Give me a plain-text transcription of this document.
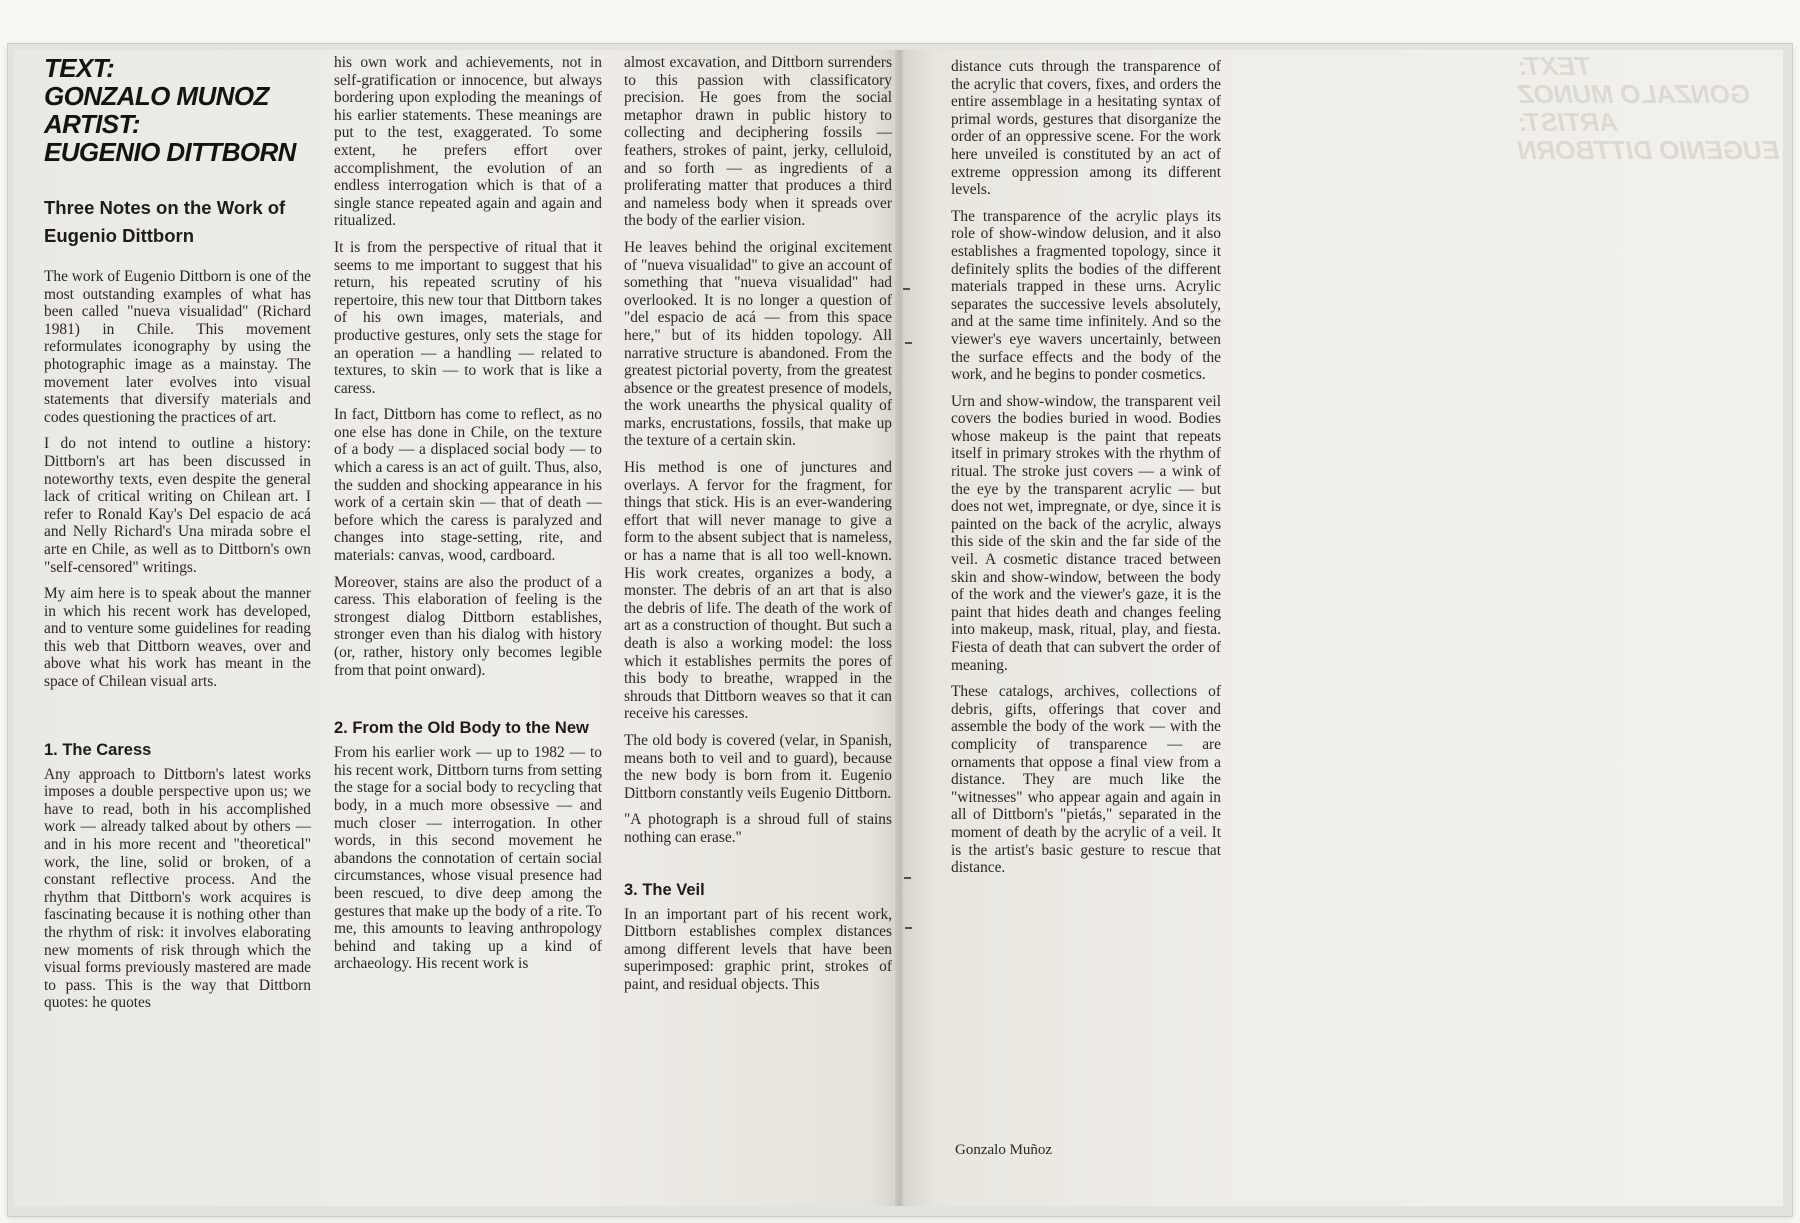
TEXT:
GONZALO MUNOZ
ARTIST:
EUGENIO DITTBORN
Three Notes on the Work of Eugenio Dittborn

The work of Eugenio Dittborn is one of the most outstanding examples of what has been called "nueva visualidad" (Richard 1981) in Chile. This movement reformulates iconography by using the photographic image as a mainstay. The movement later evolves into visual statements that diversify materials and codes questioning the practices of art.

I do not intend to outline a history: Dittborn's art has been discussed in noteworthy texts, even despite the general lack of critical writing on Chilean art. I refer to Ronald Kay's Del espacio de acá and Nelly Richard's Una mirada sobre el arte en Chile, as well as to Dittborn's own "self-censored" writings.

My aim here is to speak about the manner in which his recent work has developed, and to venture some guidelines for reading this web that Dittborn weaves, over and above what his work has meant in the space of Chilean visual arts.

1. The Caress

Any approach to Dittborn's latest works imposes a double perspective upon us; we have to read, both in his accomplished work — already talked about by others — and in his more recent and "theoretical" work, the line, solid or broken, of a constant reflective process. And the rhythm that Dittborn's work acquires is fascinating because it is nothing other than the rhythm of risk: it involves elaborating new moments of risk through which the visual forms previously mastered are made to pass. This is the way that Dittborn quotes: he quotes

his own work and achievements, not in self-gratification or innocence, but always bordering upon exploding the meanings of his earlier statements. These meanings are put to the test, exaggerated. To some extent, he prefers effort over accomplishment, the evolution of an endless interrogation which is that of a single stance repeated again and again and ritualized.

It is from the perspective of ritual that it seems to me important to suggest that his return, his repeated scrutiny of his repertoire, this new tour that Dittborn takes of his own images, materials, and productive gestures, only sets the stage for an operation — a handling — related to textures, to skin — to work that is like a caress.

In fact, Dittborn has come to reflect, as no one else has done in Chile, on the texture of a body — a displaced social body — to which a caress is an act of guilt. Thus, also, the sudden and shocking appearance in his work of a certain skin — that of death — before which the caress is paralyzed and changes into stage-setting, rite, and materials: canvas, wood, cardboard.

Moreover, stains are also the product of a caress. This elaboration of feeling is the strongest dialog Dittborn establishes, stronger even than his dialog with history (or, rather, history only becomes legible from that point onward).

2. From the Old Body to the New

From his earlier work — up to 1982 — to his recent work, Dittborn turns from setting the stage for a social body to recycling that body, in a much more obsessive — and much closer — interrogation. In other words, in this second movement he abandons the connotation of certain social circumstances, whose visual presence had been rescued, to dive deep among the gestures that make up the body of a rite. To me, this amounts to leaving anthropology behind and taking up a kind of archaeology. His recent work is

almost excavation, and Dittborn surrenders to this passion with classificatory precision. He goes from the social metaphor drawn in public history to collecting and deciphering fossils — feathers, strokes of paint, jerky, celluloid, and so forth — as ingredients of a proliferating matter that produces a third and nameless body when it spreads over the body of the earlier vision.

He leaves behind the original excitement of "nueva visualidad" to give an account of something that "nueva visualidad" had overlooked. It is no longer a question of "del espacio de acá — from this space here," but of its hidden topology. All narrative structure is abandoned. From the greatest pictorial poverty, from the greatest absence or the greatest presence of models, the work unearths the physical quality of marks, encrustations, fossils, that make up the texture of a certain skin.

His method is one of junctures and overlays. A fervor for the fragment, for things that stick. His is an ever-wandering effort that will never manage to give a form to the absent subject that is nameless, or has a name that is all too well-known. His work creates, organizes a body, a monster. The debris of an art that is also the debris of life. The death of the work of art as a construction of thought. But such a death is also a working model: the loss which it establishes permits the pores of this body to breathe, wrapped in the shrouds that Dittborn weaves so that it can receive his caresses.

The old body is covered (velar, in Spanish, means both to veil and to guard), because the new body is born from it. Eugenio Dittborn constantly veils Eugenio Dittborn.

"A photograph is a shroud full of stains nothing can erase."

3. The Veil

In an important part of his recent work, Dittborn establishes complex distances among different levels that have been superimposed: graphic print, strokes of paint, and residual objects. This

distance cuts through the transparence of the acrylic that covers, fixes, and orders the entire assemblage in a hesitating syntax of primal words, gestures that disorganize the order of an oppressive scene. For the work here unveiled is constituted by an act of extreme oppression among its different levels.

The transparence of the acrylic plays its role of show-window delusion, and it also establishes a fragmented topology, since it definitely splits the bodies of the different materials trapped in these urns. Acrylic separates the successive levels absolutely, and at the same time infinitely. And so the viewer's eye wavers uncertainly, between the surface effects and the body of the work, and he begins to ponder cosmetics.

Urn and show-window, the transparent veil covers the bodies buried in wood. Bodies whose makeup is the paint that repeats itself in primary strokes with the rhythm of ritual. The stroke just covers — a wink of the eye by the transparent acrylic — but does not wet, impregnate, or dye, since it is painted on the back of the acrylic, always this side of the skin and the far side of the veil. A cosmetic distance traced between skin and show-window, between the body of the work and the viewer's gaze, it is the paint that hides death and changes feeling into makeup, mask, ritual, play, and fiesta. Fiesta of death that can subvert the order of meaning.

These catalogs, archives, collections of debris, gifts, offerings that cover and assemble the body of the work — with the complicity of transparence — are ornaments that oppose a final view from a distance. They are much like the "witnesses" who appear again and again in all of Dittborn's "pietás," separated in the moment of death by the acrylic of a veil. It is the artist's basic gesture to rescue that distance.

Gonzalo Muñoz
TEXT:
GONZALO MUNOZ
ARTIST:
EUGENIO DITTBORN
